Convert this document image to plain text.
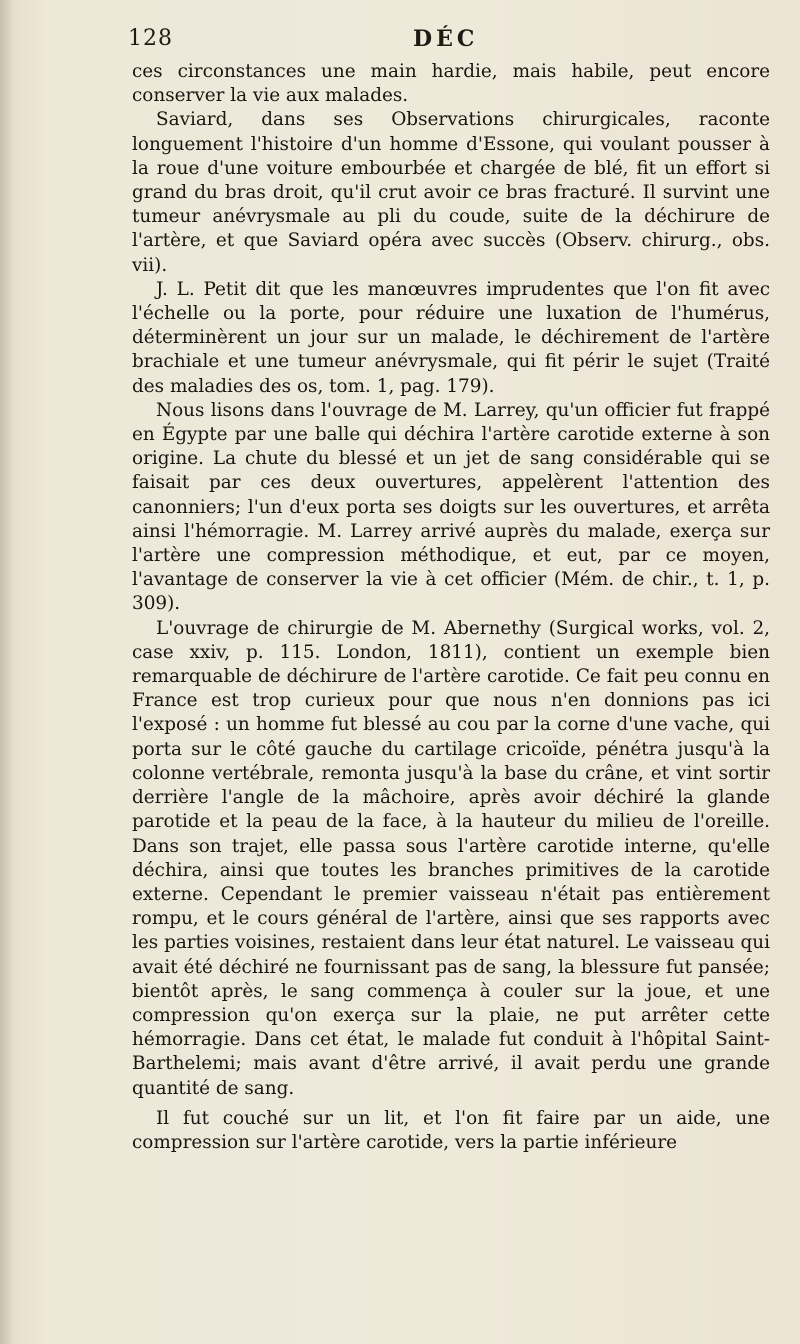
128	DÉC

ces circonstances une main hardie, mais habile, peut encore conserver la vie aux malades.

Saviard, dans ses Observations chirurgicales, raconte longuement l'histoire d'un homme d'Essone, qui voulant pousser à la roue d'une voiture embourbée et chargée de blé, fit un effort si grand du bras droit, qu'il crut avoir ce bras fracturé. Il survint une tumeur anévrysmale au pli du coude, suite de la déchirure de l'artère, et que Saviard opéra avec succès (Observ. chirurg., obs. vii).

J. L. Petit dit que les manœuvres imprudentes que l'on fit avec l'échelle ou la porte, pour réduire une luxation de l'humérus, déterminèrent un jour sur un malade, le déchirement de l'artère brachiale et une tumeur anévrysmale, qui fit périr le sujet (Traité des maladies des os, tom. 1, pag. 179).

Nous lisons dans l'ouvrage de M. Larrey, qu'un officier fut frappé en Égypte par une balle qui déchira l'artère carotide externe à son origine. La chute du blessé et un jet de sang considérable qui se faisait par ces deux ouvertures, appelèrent l'attention des canonniers; l'un d'eux porta ses doigts sur les ouvertures, et arrêta ainsi l'hémorragie. M. Larrey arrivé auprès du malade, exerça sur l'artère une compression méthodique, et eut, par ce moyen, l'avantage de conserver la vie à cet officier (Mém. de chir., t. 1, p. 309).

L'ouvrage de chirurgie de M. Abernethy (Surgical works, vol. 2, case xxiv, p. 115. London, 1811), contient un exemple bien remarquable de déchirure de l'artère carotide. Ce fait peu connu en France est trop curieux pour que nous n'en donnions pas ici l'exposé : un homme fut blessé au cou par la corne d'une vache, qui porta sur le côté gauche du cartilage cricoïde, pénétra jusqu'à la colonne vertébrale, remonta jusqu'à la base du crâne, et vint sortir derrière l'angle de la mâchoire, après avoir déchiré la glande parotide et la peau de la face, à la hauteur du milieu de l'oreille. Dans son trajet, elle passa sous l'artère carotide interne, qu'elle déchira, ainsi que toutes les branches primitives de la carotide externe. Cependant le premier vaisseau n'était pas entièrement rompu, et le cours général de l'artère, ainsi que ses rapports avec les parties voisines, restaient dans leur état naturel. Le vaisseau qui avait été déchiré ne fournissant pas de sang, la blessure fut pansée; bientôt après, le sang commença à couler sur la joue, et une compression qu'on exerça sur la plaie, ne put arrêter cette hémorragie. Dans cet état, le malade fut conduit à l'hôpital Saint-Barthelemi; mais avant d'être arrivé, il avait perdu une grande quantité de sang.

Il fut couché sur un lit, et l'on fit faire par un aide, une compression sur l'artère carotide, vers la partie inférieure
